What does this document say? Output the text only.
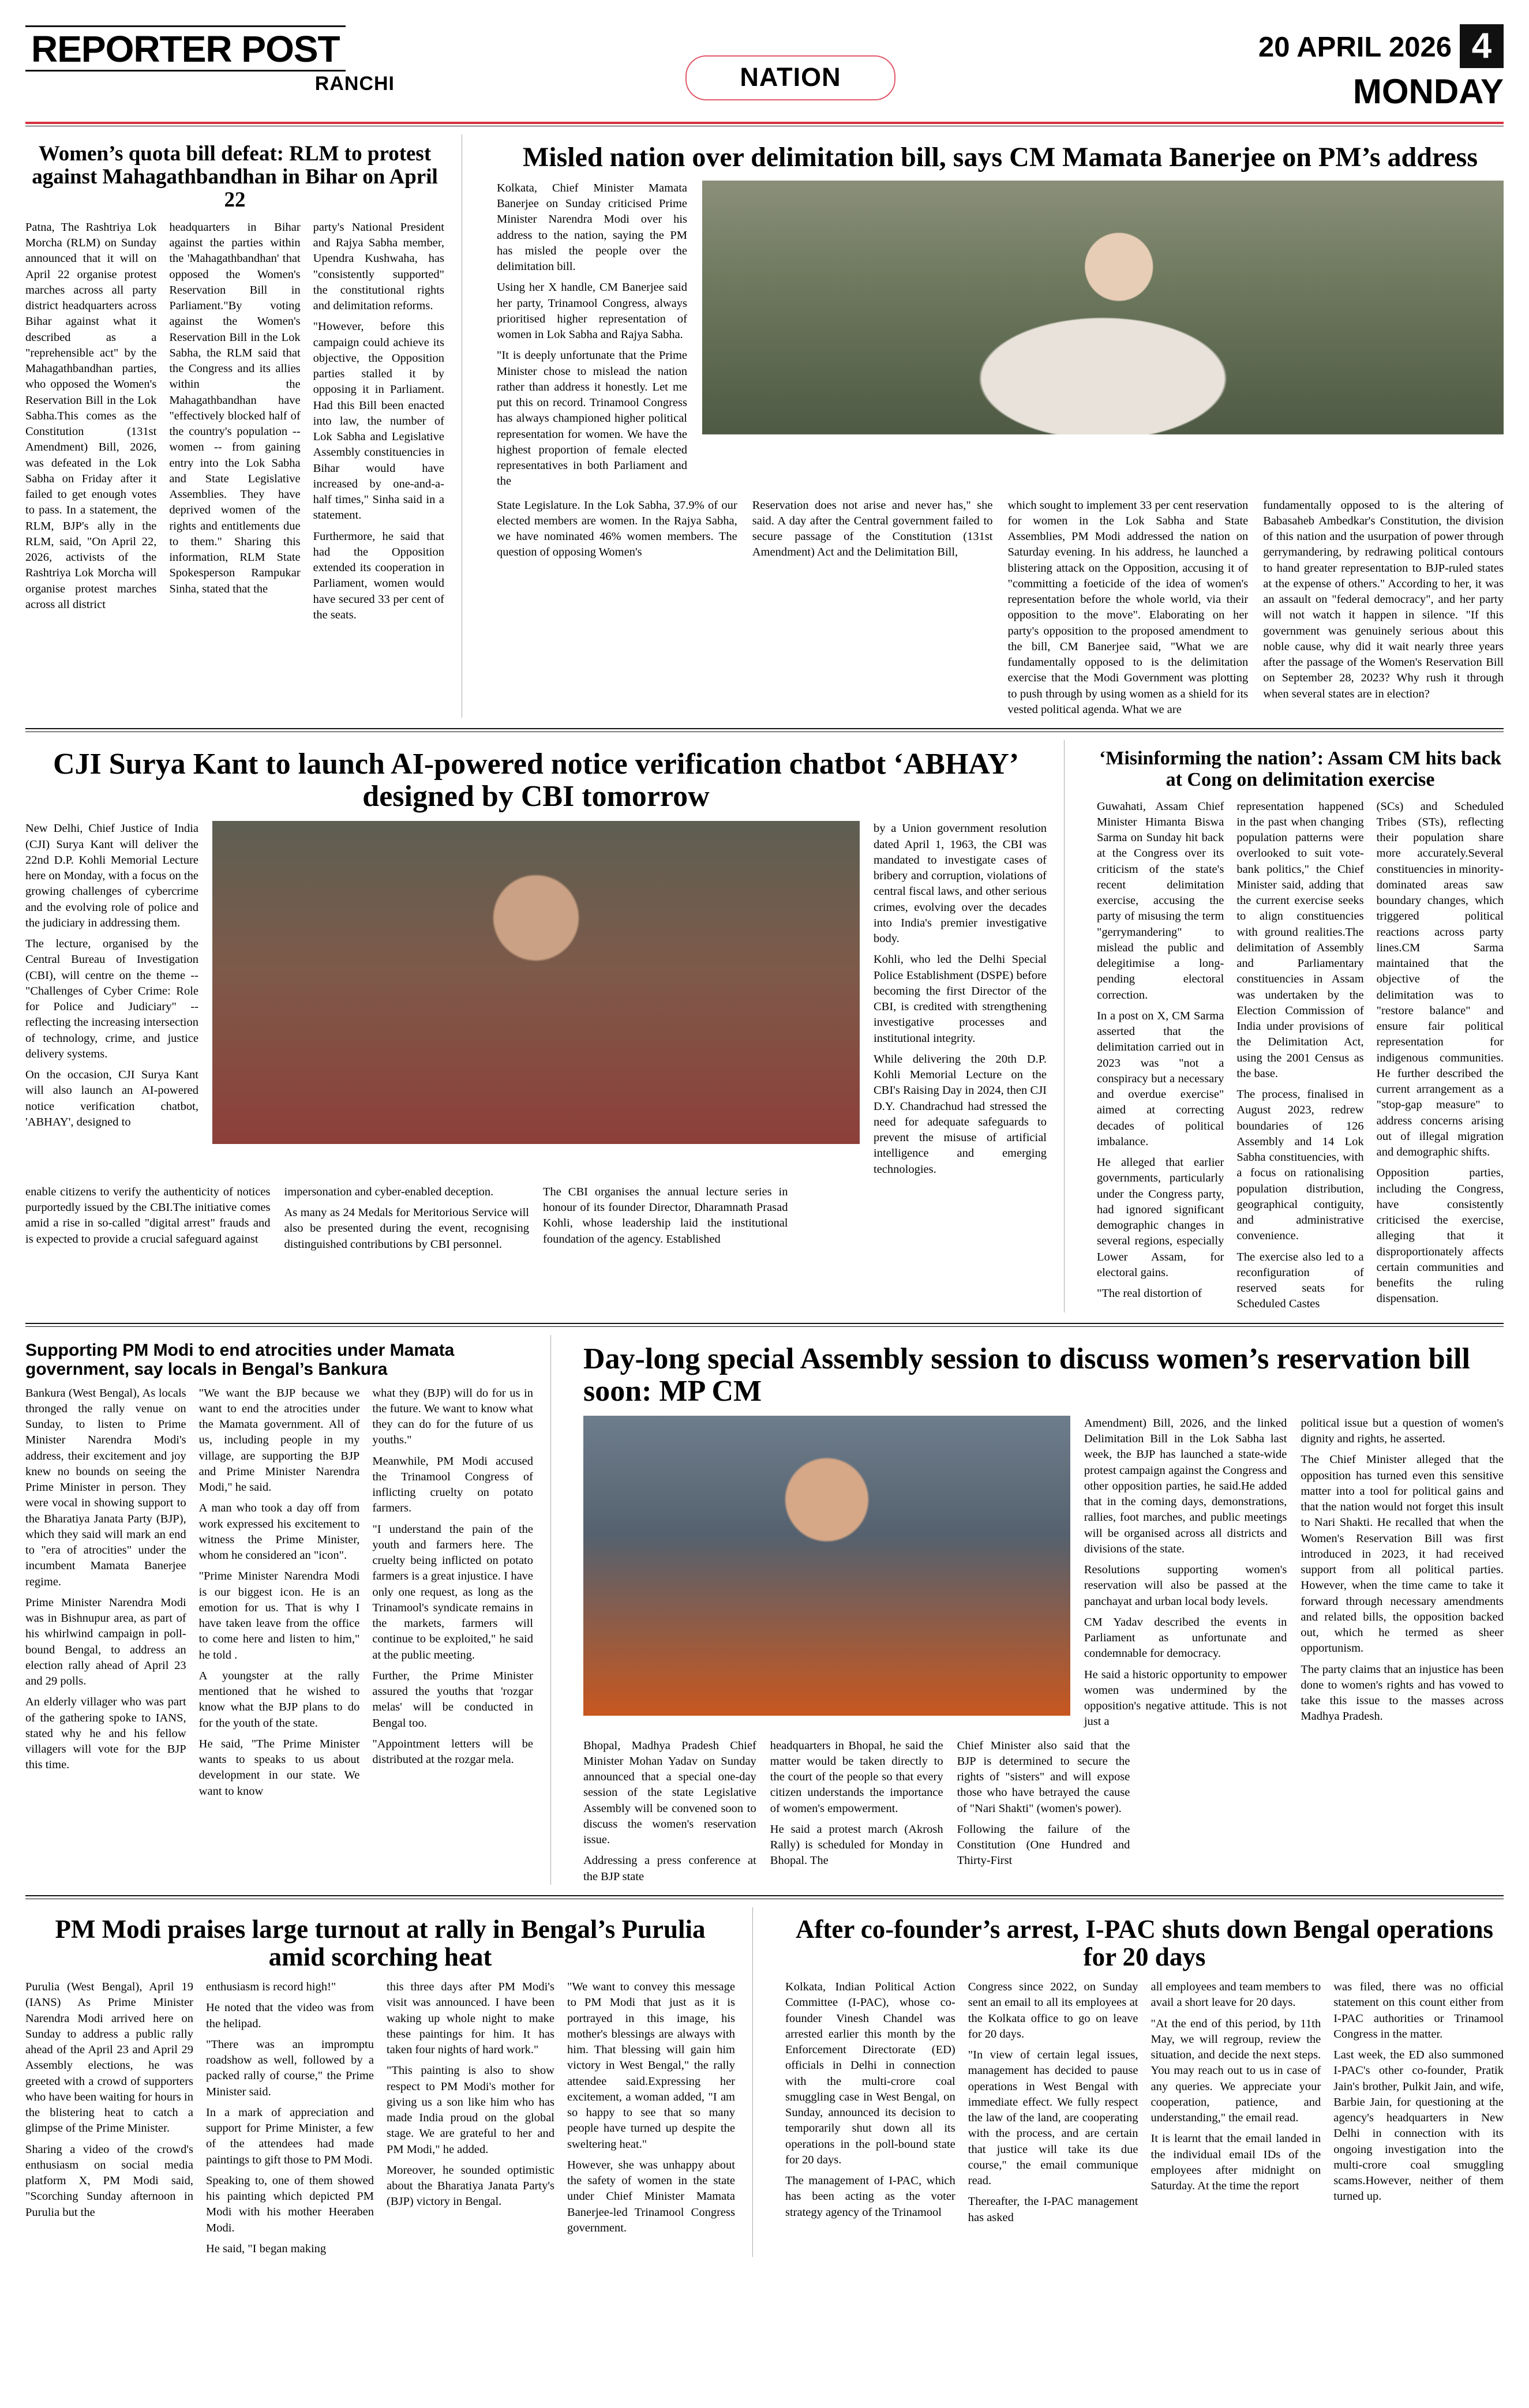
REPORTER POST
RANCHI	NATION
20 APRIL 2026 4
MONDAY
Women’s quota bill defeat: RLM to protest against Mahagathbandhan in Bihar on April 22

Patna, The Rashtriya Lok Morcha (RLM) on Sunday announced that it will on April 22 organise protest marches across all party district headquarters across Bihar against what it described as a "reprehensible act" by the Mahagathbandhan parties, who opposed the Women's Reservation Bill in the Lok Sabha.This comes as the Constitution (131st Amendment) Bill, 2026, was defeated in the Lok Sabha on Friday after it failed to get enough votes to pass. In a statement, the RLM, BJP's ally in the RLM, said, "On April 22, 2026, activists of the Rashtriya Lok Morcha will organise protest marches across all district

headquarters in Bihar against the parties within the 'Mahagathbandhan' that opposed the Women's Reservation Bill in Parliament."By voting against the Women's Reservation Bill in the Lok Sabha, the RLM said that the Congress and its allies within the Mahagathbandhan have "effectively blocked half of the country's population -- women -- from gaining entry into the Lok Sabha and State Legislative Assemblies. They have deprived women of the rights and entitlements due to them." Sharing this information, RLM State Spokesperson Rampukar Sinha, stated that the

party's National President and Rajya Sabha member, Upendra Kushwaha, has "consistently supported" the constitutional rights and delimitation reforms.

"However, before this campaign could achieve its objective, the Opposition parties stalled it by opposing it in Parliament. Had this Bill been enacted into law, the number of Lok Sabha and Legislative Assembly constituencies in Bihar would have increased by one-and-a-half times," Sinha said in a statement.

Furthermore, he said that had the Opposition extended its cooperation in Parliament, women would have secured 33 per cent of the seats.

Misled nation over delimitation bill, says CM Mamata Banerjee on PM’s address

Kolkata, Chief Minister Mamata Banerjee on Sunday criticised Prime Minister Narendra Modi over his address to the nation, saying the PM has misled the people over the delimitation bill.

Using her X handle, CM Banerjee said her party, Trinamool Congress, always prioritised higher representation of women in Lok Sabha and Rajya Sabha.

"It is deeply unfortunate that the Prime Minister chose to mislead the nation rather than address it honestly. Let me put this on record. Trinamool Congress has always championed higher political representation for women. We have the highest proportion of female elected representatives in both Parliament and the

State Legislature. In the Lok Sabha, 37.9% of our elected members are women. In the Rajya Sabha, we have nominated 46% women members. The question of opposing Women's

Reservation does not arise and never has," she said. A day after the Central government failed to secure passage of the Constitution (131st Amendment) Act and the Delimitation Bill,

which sought to implement 33 per cent reservation for women in the Lok Sabha and State Assemblies, PM Modi addressed the nation on Saturday evening. In his address, he launched a blistering attack on the Opposition, accusing it of "committing a foeticide of the idea of women's representation before the whole world, via their opposition to the move". Elaborating on her party's opposition to the proposed amendment to the bill, CM Banerjee said, "What we are fundamentally opposed to is the delimitation exercise that the Modi Government was plotting to push through by using women as a shield for its vested political agenda. What we are

fundamentally opposed to is the altering of Babasaheb Ambedkar's Constitution, the division of this nation and the usurpation of power through gerrymandering, by redrawing political contours to hand greater representation to BJP-ruled states at the expense of others." According to her, it was an assault on "federal democracy", and her party will not watch it happen in silence. "If this government was genuinely serious about this noble cause, why did it wait nearly three years after the passage of the Women's Reservation Bill on September 28, 2023? Why rush it through when several states are in election?

CJI Surya Kant to launch AI-powered notice verification chatbot ‘ABHAY’ designed by CBI tomorrow

New Delhi, Chief Justice of India (CJI) Surya Kant will deliver the 22nd D.P. Kohli Memorial Lecture here on Monday, with a focus on the growing challenges of cybercrime and the evolving role of police and the judiciary in addressing them.

The lecture, organised by the Central Bureau of Investigation (CBI), will centre on the theme -- "Challenges of Cyber Crime: Role for Police and Judiciary" -- reflecting the increasing intersection of technology, crime, and justice delivery systems.

On the occasion, CJI Surya Kant will also launch an AI-powered notice verification chatbot, 'ABHAY', designed to

by a Union government resolution dated April 1, 1963, the CBI was mandated to investigate cases of bribery and corruption, violations of central fiscal laws, and other serious crimes, evolving over the decades into India's premier investigative body.

Kohli, who led the Delhi Special Police Establishment (DSPE) before becoming the first Director of the CBI, is credited with strengthening investigative processes and institutional integrity.

While delivering the 20th D.P. Kohli Memorial Lecture on the CBI's Raising Day in 2024, then CJI D.Y. Chandrachud had stressed the need for adequate safeguards to prevent the misuse of artificial intelligence and emerging technologies.

enable citizens to verify the authenticity of notices purportedly issued by the CBI.The initiative comes amid a rise in so-called "digital arrest" frauds and is expected to provide a crucial safeguard against

impersonation and cyber-enabled deception.

As many as 24 Medals for Meritorious Service will also be presented during the event, recognising distinguished contributions by CBI personnel.

The CBI organises the annual lecture series in honour of its founder Director, Dharamnath Prasad Kohli, whose leadership laid the institutional foundation of the agency. Established

‘Misinforming the nation’: Assam CM hits back at Cong on delimitation exercise

Guwahati, Assam Chief Minister Himanta Biswa Sarma on Sunday hit back at the Congress over its criticism of the state's recent delimitation exercise, accusing the party of misusing the term "gerrymandering" to mislead the public and delegitimise a long-pending electoral correction.

In a post on X, CM Sarma asserted that the delimitation carried out in 2023 was "not a conspiracy but a necessary and overdue exercise" aimed at correcting decades of political imbalance.

He alleged that earlier governments, particularly under the Congress party, had ignored significant demographic changes in several regions, especially Lower Assam, for electoral gains.

"The real distortion of

representation happened in the past when changing population patterns were overlooked to suit vote-bank politics," the Chief Minister said, adding that the current exercise seeks to align constituencies with ground realities.The delimitation of Assembly and Parliamentary constituencies in Assam was undertaken by the Election Commission of India under provisions of the Delimitation Act, using the 2001 Census as the base.

The process, finalised in August 2023, redrew boundaries of 126 Assembly and 14 Lok Sabha constituencies, with a focus on rationalising population distribution, geographical contiguity, and administrative convenience.

The exercise also led to a reconfiguration of reserved seats for Scheduled Castes

(SCs) and Scheduled Tribes (STs), reflecting their population share more accurately.Several constituencies in minority-dominated areas saw boundary changes, which triggered political reactions across party lines.CM Sarma maintained that the objective of the delimitation was to "restore balance" and ensure fair political representation for indigenous communities. He further described the current arrangement as a "stop-gap measure" to address concerns arising out of illegal migration and demographic shifts.

Opposition parties, including the Congress, have consistently criticised the exercise, alleging that it disproportionately affects certain communities and benefits the ruling dispensation.

Supporting PM Modi to end atrocities under Mamata government, say locals in Bengal’s Bankura

Bankura (West Bengal), As locals thronged the rally venue on Sunday, to listen to Prime Minister Narendra Modi's address, their excitement and joy knew no bounds on seeing the Prime Minister in person. They were vocal in showing support to the Bharatiya Janata Party (BJP), which they said will mark an end to "era of atrocities" under the incumbent Mamata Banerjee regime.

Prime Minister Narendra Modi was in Bishnupur area, as part of his whirlwind campaign in poll-bound Bengal, to address an election rally ahead of April 23 and 29 polls.

An elderly villager who was part of the gathering spoke to IANS, stated why he and his fellow villagers will vote for the BJP this time.

"We want the BJP because we want to end the atrocities under the Mamata government. All of us, including people in my village, are supporting the BJP and Prime Minister Narendra Modi," he said.

A man who took a day off from work expressed his excitement to witness the Prime Minister, whom he considered an "icon".

"Prime Minister Narendra Modi is our biggest icon. He is an emotion for us. That is why I have taken leave from the office to come here and listen to him," he told .

A youngster at the rally mentioned that he wished to know what the BJP plans to do for the youth of the state.

He said, "The Prime Minister wants to speaks to us about development in our state. We want to know

what they (BJP) will do for us in the future. We want to know what they can do for the future of us youths."

Meanwhile, PM Modi accused the Trinamool Congress of inflicting cruelty on potato farmers.

"I understand the pain of the youth and farmers here. The cruelty being inflicted on potato farmers is a great injustice. I have only one request, as long as the Trinamool's syndicate remains in the markets, farmers will continue to be exploited," he said at the public meeting.

Further, the Prime Minister assured the youths that 'rozgar melas' will be conducted in Bengal too.

"Appointment letters will be distributed at the rozgar mela.

Day-long special Assembly session to discuss women’s reservation bill soon: MP CM

Amendment) Bill, 2026, and the linked Delimitation Bill in the Lok Sabha last week, the BJP has launched a state-wide protest campaign against the Congress and other opposition parties, he said.He added that in the coming days, demonstrations, rallies, foot marches, and public meetings will be organised across all districts and divisions of the state.

Resolutions supporting women's reservation will also be passed at the panchayat and urban local body levels.

CM Yadav described the events in Parliament as unfortunate and condemnable for democracy.

He said a historic opportunity to empower women was undermined by the opposition's negative attitude. This is not just a

political issue but a question of women's dignity and rights, he asserted.

The Chief Minister alleged that the opposition has turned even this sensitive matter into a tool for political gains and that the nation would not forget this insult to Nari Shakti. He recalled that when the Women's Reservation Bill was first introduced in 2023, it had received support from all political parties. However, when the time came to take it forward through necessary amendments and related bills, the opposition backed out, which he termed as sheer opportunism.

The party claims that an injustice has been done to women's rights and has vowed to take this issue to the masses across Madhya Pradesh.

Bhopal, Madhya Pradesh Chief Minister Mohan Yadav on Sunday announced that a special one-day session of the state Legislative Assembly will be convened soon to discuss the women's reservation issue.

Addressing a press conference at the BJP state

headquarters in Bhopal, he said the matter would be taken directly to the court of the people so that every citizen understands the importance of women's empowerment.

He said a protest march (Akrosh Rally) is scheduled for Monday in Bhopal. The

Chief Minister also said that the BJP is determined to secure the rights of "sisters" and will expose those who have betrayed the cause of "Nari Shakti" (women's power).

Following the failure of the Constitution (One Hundred and Thirty-First

PM Modi praises large turnout at rally in Bengal’s Purulia amid scorching heat

Purulia (West Bengal), April 19 (IANS) As Prime Minister Narendra Modi arrived here on Sunday to address a public rally ahead of the April 23 and April 29 Assembly elections, he was greeted with a crowd of supporters who have been waiting for hours in the blistering heat to catch a glimpse of the Prime Minister.

Sharing a video of the crowd's enthusiasm on social media platform X, PM Modi said, "Scorching Sunday afternoon in Purulia but the

enthusiasm is record high!"

He noted that the video was from the helipad.

"There was an impromptu roadshow as well, followed by a packed rally of course," the Prime Minister said.

In a mark of appreciation and support for Prime Minister, a few of the attendees had made paintings to gift those to PM Modi.

Speaking to, one of them showed his painting which depicted PM Modi with his mother Heeraben Modi.

He said, "I began making

this three days after PM Modi's visit was announced. I have been waking up whole night to make these paintings for him. It has taken four nights of hard work."

"This painting is also to show respect to PM Modi's mother for giving us a son like him who has made India proud on the global stage. We are grateful to her and PM Modi," he added.

Moreover, he sounded optimistic about the Bharatiya Janata Party's (BJP) victory in Bengal.

"We want to convey this message to PM Modi that just as it is portrayed in this image, his mother's blessings are always with him. That blessing will gain him victory in West Bengal," the rally attendee said.Expressing her excitement, a woman added, "I am so happy to see that so many people have turned up despite the sweltering heat."

However, she was unhappy about the safety of women in the state under Chief Minister Mamata Banerjee-led Trinamool Congress government.

After co-founder’s arrest, I-PAC shuts down Bengal operations for 20 days

Kolkata, Indian Political Action Committee (I-PAC), whose co-founder Vinesh Chandel was arrested earlier this month by the Enforcement Directorate (ED) officials in Delhi in connection with the multi-crore coal smuggling case in West Bengal, on Sunday, announced its decision to temporarily shut down all its operations in the poll-bound state for 20 days.

The management of I-PAC, which has been acting as the voter strategy agency of the Trinamool

Congress since 2022, on Sunday sent an email to all its employees at the Kolkata office to go on leave for 20 days.

"In view of certain legal issues, management has decided to pause operations in West Bengal with immediate effect. We fully respect the law of the land, are cooperating with the process, and are certain that justice will take its due course," the email communique read.

Thereafter, the I-PAC management has asked

all employees and team members to avail a short leave for 20 days.

"At the end of this period, by 11th May, we will regroup, review the situation, and decide the next steps. You may reach out to us in case of any queries. We appreciate your cooperation, patience, and understanding," the email read.

It is learnt that the email landed in the individual email IDs of the employees after midnight on Saturday. At the time the report

was filed, there was no official statement on this count either from I-PAC authorities or Trinamool Congress in the matter.

Last week, the ED also summoned I-PAC's other co-founder, Pratik Jain's brother, Pulkit Jain, and wife, Barbie Jain, for questioning at the agency's headquarters in New Delhi in connection with its ongoing investigation into the multi-crore coal smuggling scams.However, neither of them turned up.
